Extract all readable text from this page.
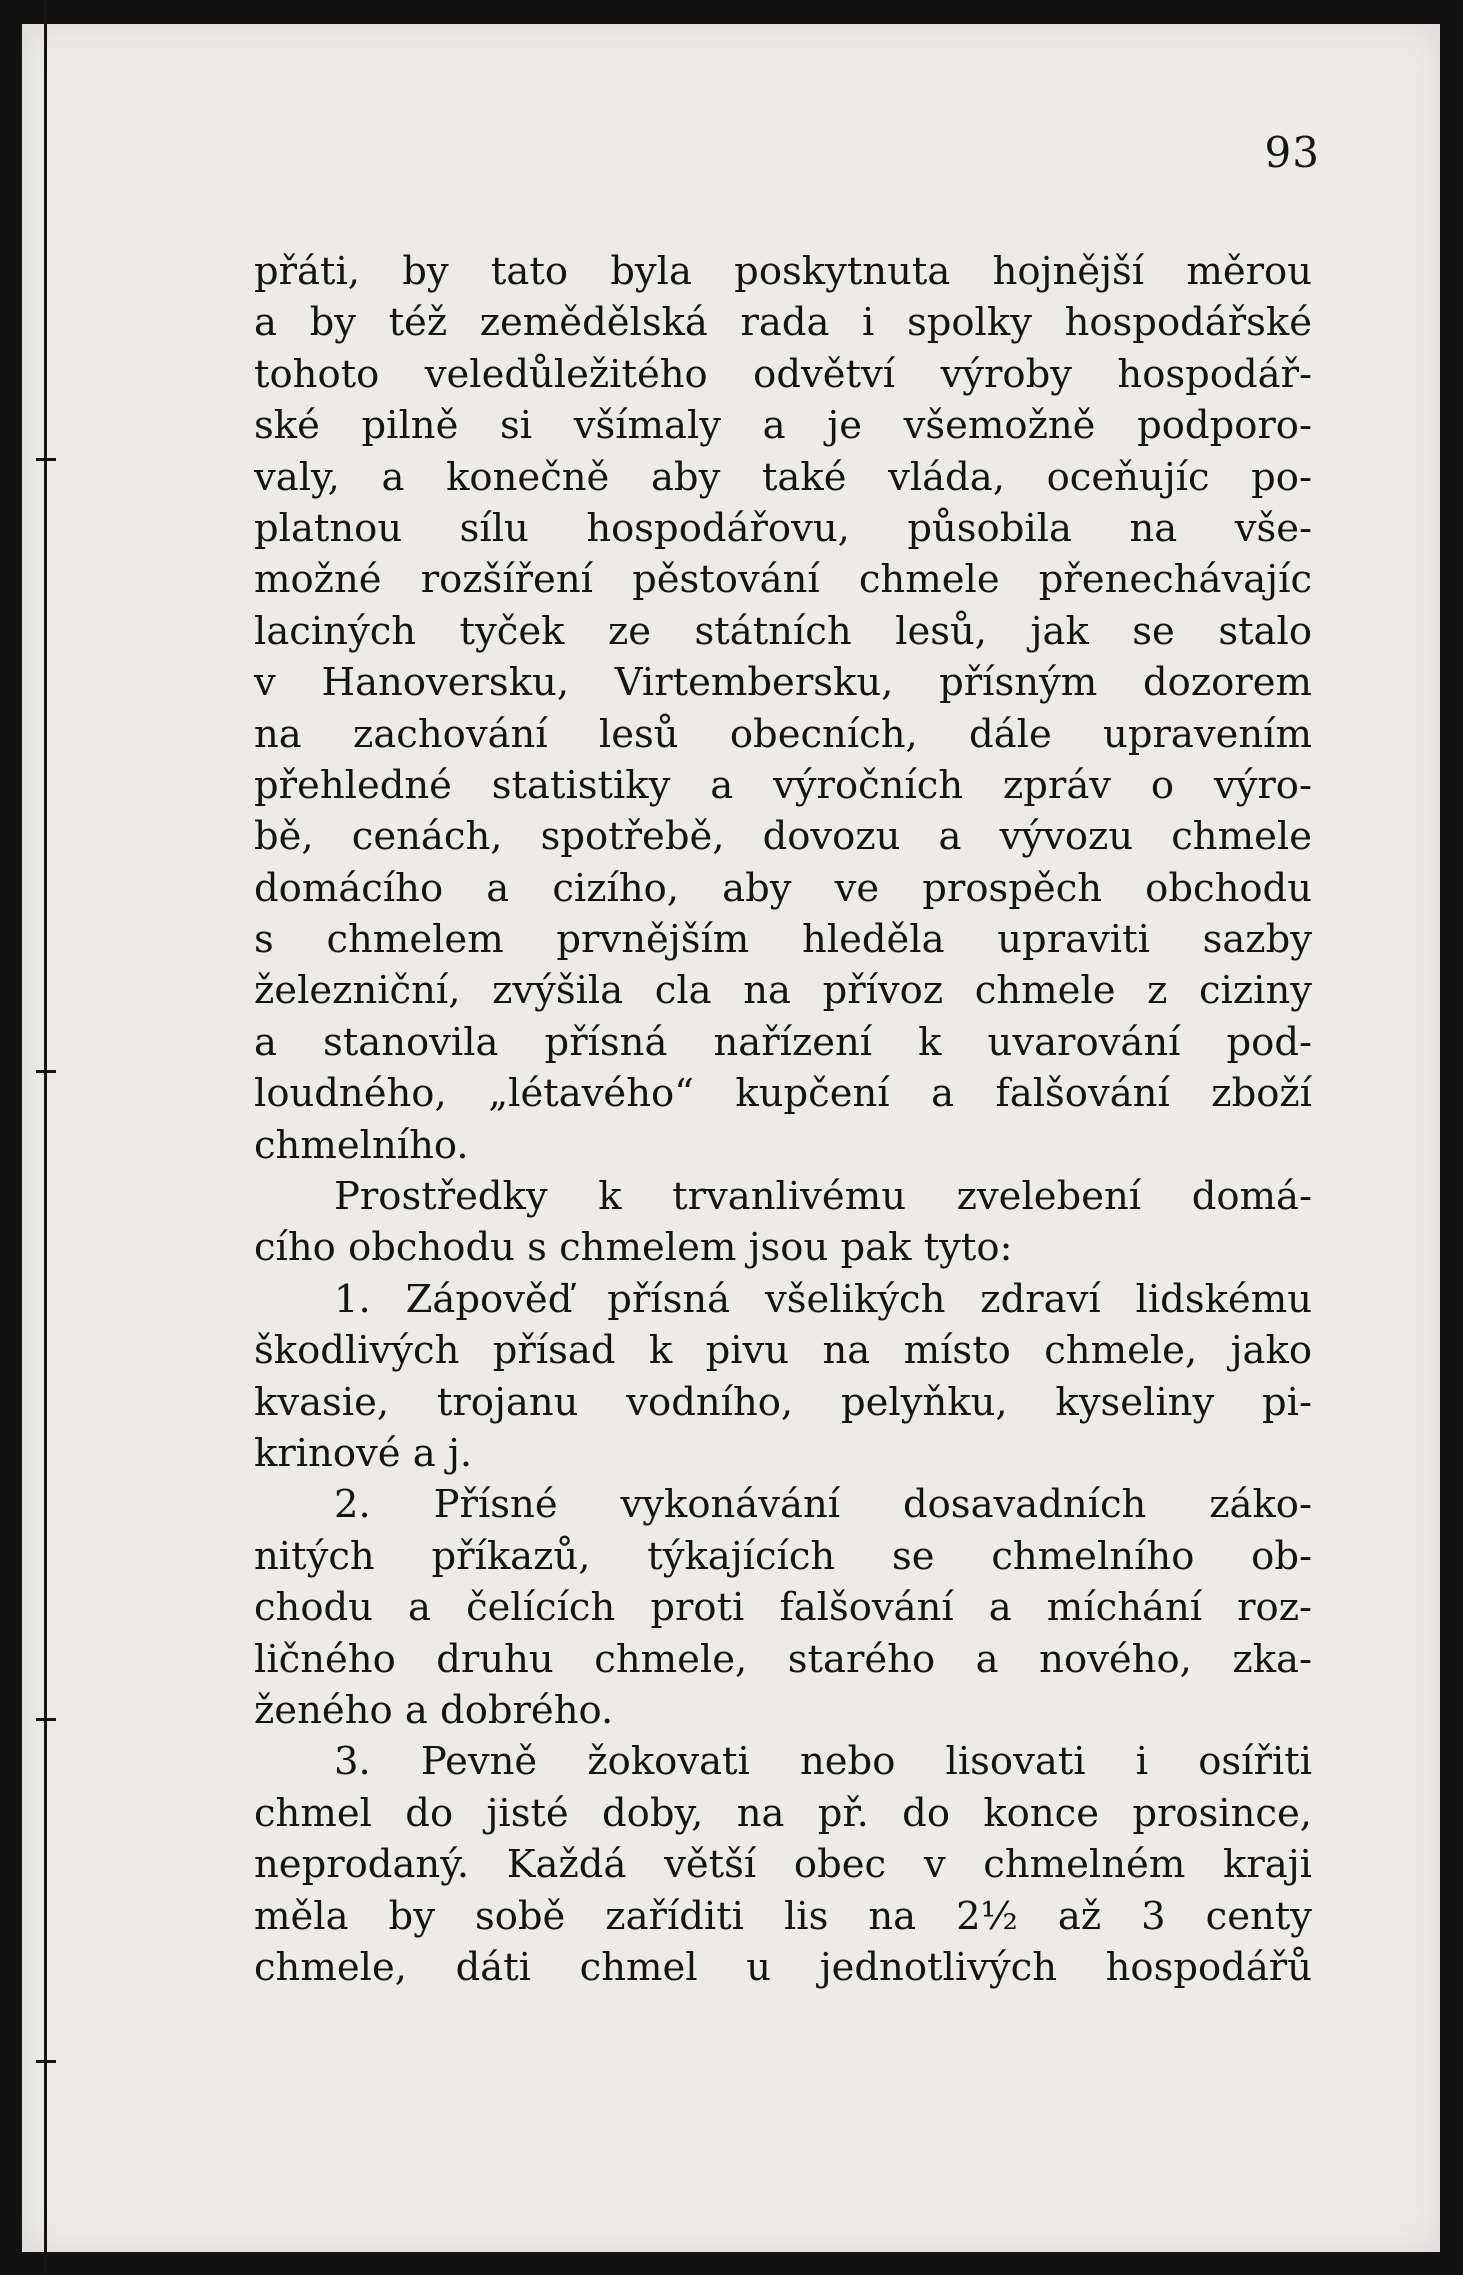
93
přáti, by tato byla poskytnuta hojnější měrou
a by též zemědělská rada i spolky hospodářské
tohoto veledůležitého odvětví výroby hospodář-
ské pilně si všímaly a je všemožně podporo-
valy, a konečně aby také vláda, oceňujíc po-
platnou sílu hospodářovu, působila na vše-
možné rozšíření pěstování chmele přenechávajíc
laciných tyček ze státních lesů, jak se stalo
v Hanoversku, Virtembersku, přísným dozorem
na zachování lesů obecních, dále upravením
přehledné statistiky a výročních zpráv o výro-
bě, cenách, spotřebě, dovozu a vývozu chmele
domácího a cizího, aby ve prospěch obchodu
s chmelem prvnějším hleděla upraviti sazby
železniční, zvýšila cla na přívoz chmele z ciziny
a stanovila přísná nařízení k uvarování pod-
loudného, „létavého“ kupčení a falšování zboží
chmelního.
Prostředky k trvanlivému zvelebení domá-
cího obchodu s chmelem jsou pak tyto:
1. Zápověď přísná všelikých zdraví lidskému
škodlivých přísad k pivu na místo chmele, jako
kvasie, trojanu vodního, pelyňku, kyseliny pi-
krinové a j.
2. Přísné vykonávání dosavadních záko-
nitých příkazů, týkajících se chmelního ob-
chodu a čelících proti falšování a míchání roz-
ličného druhu chmele, starého a nového, zka-
ženého a dobrého.
3. Pevně žokovati nebo lisovati i osířiti
chmel do jisté doby, na př. do konce prosince,
neprodaný. Každá větší obec v chmelném kraji
měla by sobě zaříditi lis na 2½ až 3 centy
chmele, dáti chmel u jednotlivých hospodářů
